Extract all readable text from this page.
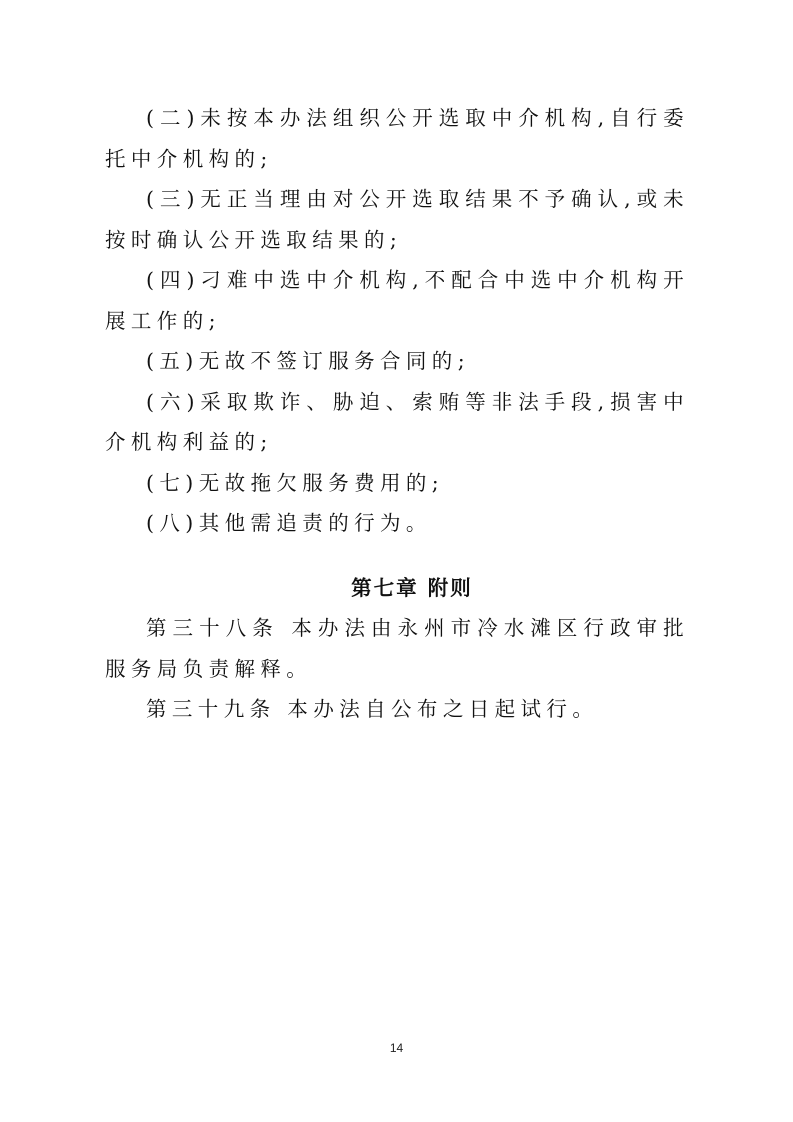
(二)未按本办法组织公开选取中介机构,自行委托中介机构的;

(三)无正当理由对公开选取结果不予确认,或未按时确认公开选取结果的;

(四)刁难中选中介机构,不配合中选中介机构开展工作的;

(五)无故不签订服务合同的;

(六)采取欺诈、胁迫、索贿等非法手段,损害中介机构利益的;

(七)无故拖欠服务费用的;

(八)其他需追责的行为。

第七章 附则

第三十八条 本办法由永州市冷水滩区行政审批服务局负责解释。

第三十九条 本办法自公布之日起试行。

14
